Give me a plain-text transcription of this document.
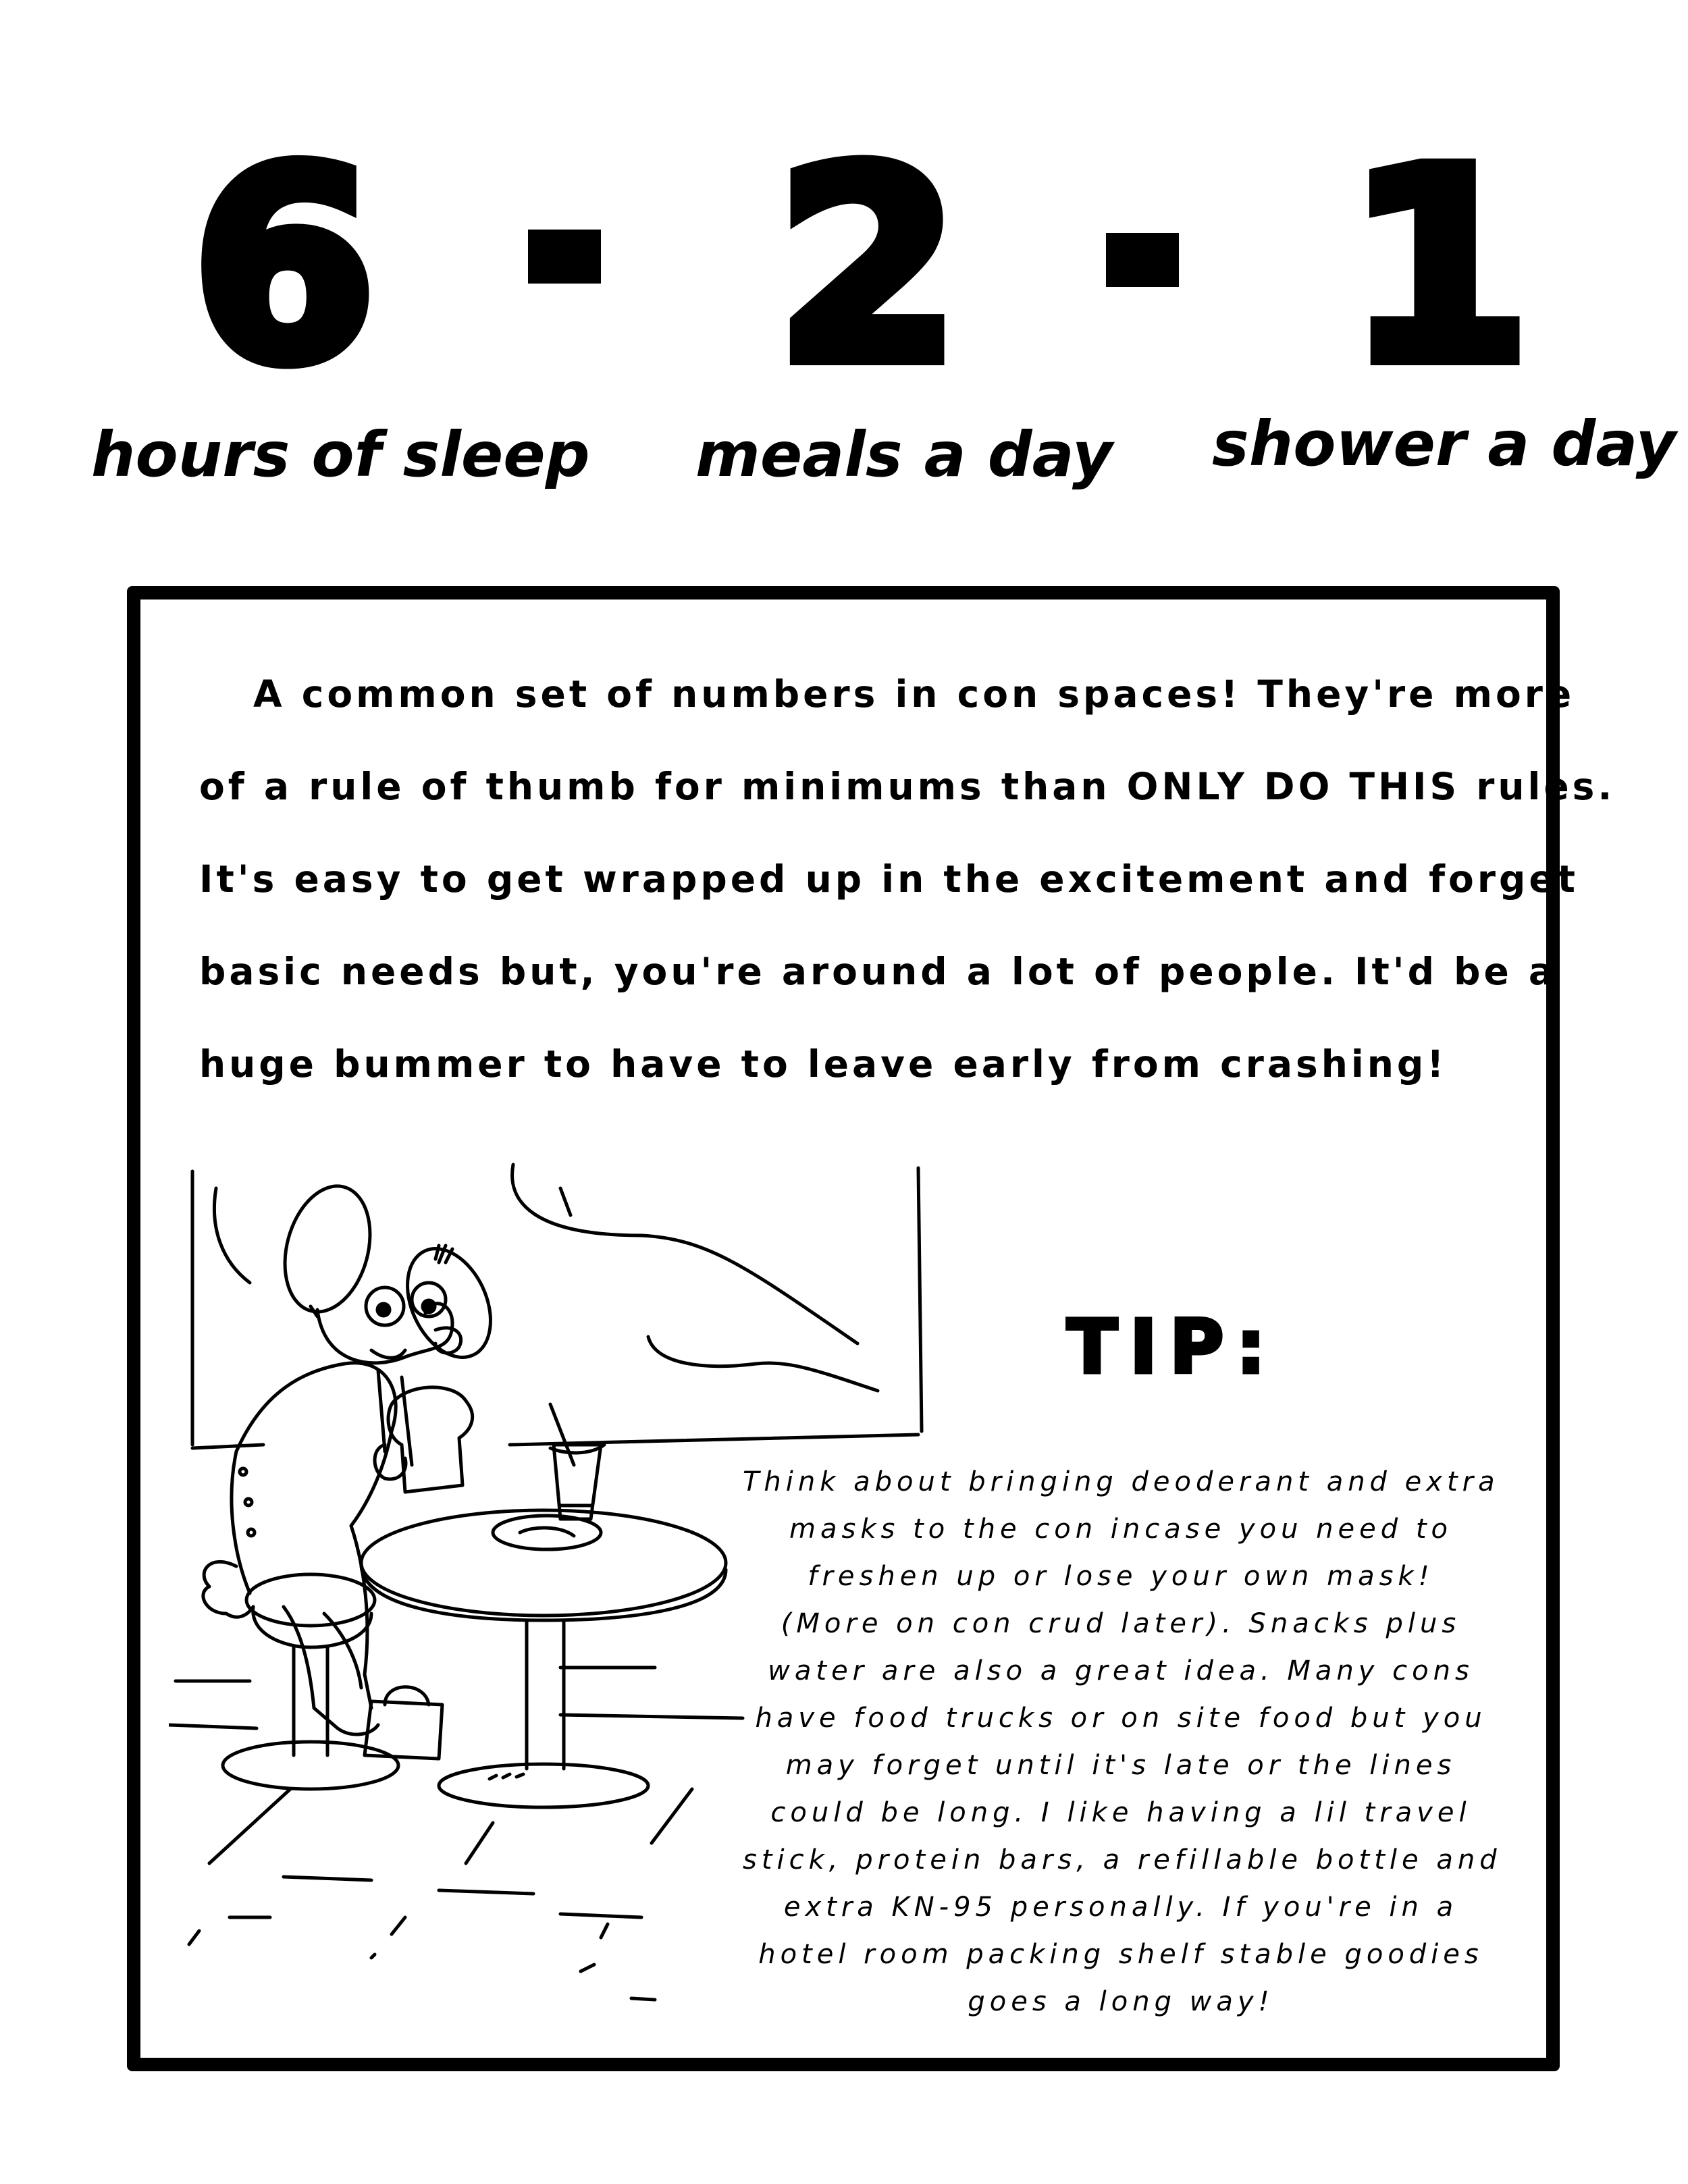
6 2 1
hours of sleep meals a day shower a day

A common set of numbers in con spaces! They're more
of a rule of thumb for minimums than ONLY DO THIS rules.
It's easy to get wrapped up in the excitement and forget
basic needs but, you're around a lot of people. It'd be a
huge bummer to have to leave early from crashing!

TIP:

Think about bringing deoderant and extra
masks to the con incase you need to
freshen up or lose your own mask!
(More on con crud later). Snacks plus
water are also a great idea. Many cons
have food trucks or on site food but you
may forget until it's late or the lines
could be long. I like having a lil travel
stick, protein bars, a refillable bottle and
extra KN-95 personally. If you're in a
hotel room packing shelf stable goodies
goes a long way!
